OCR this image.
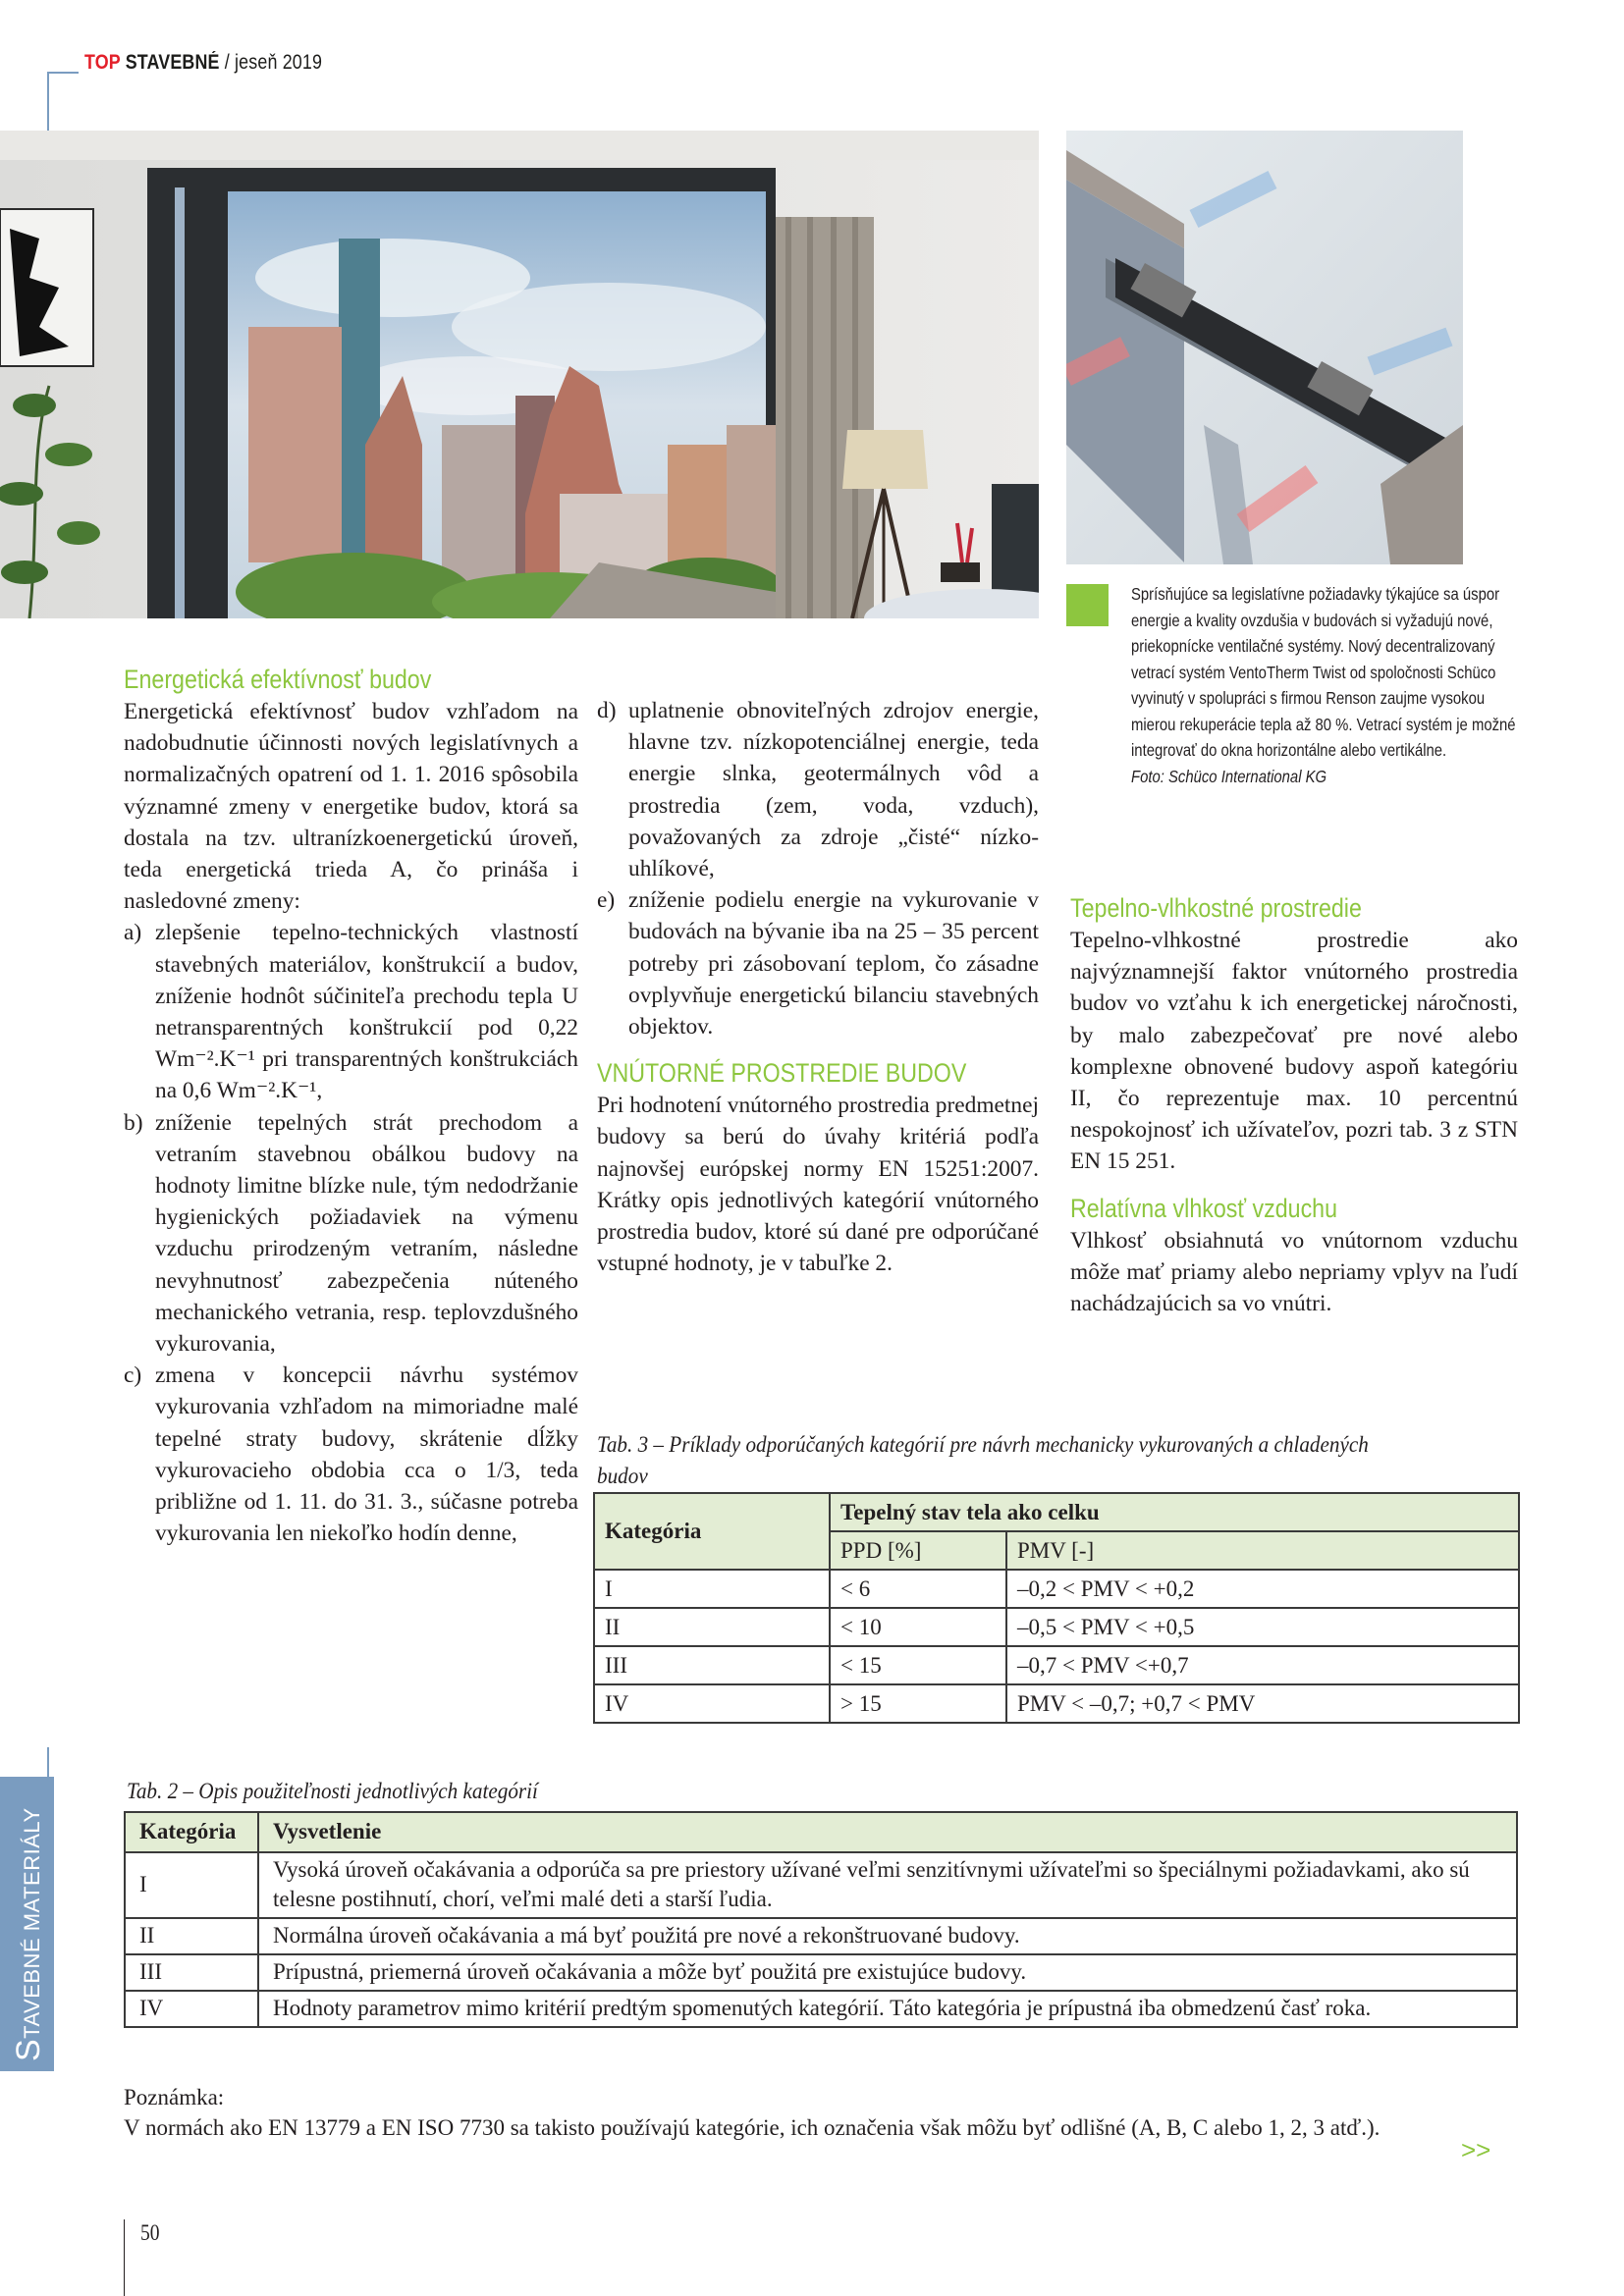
TOP STAVEBNÉ / jeseň 2019
Sprísňujúce sa legislatívne požiadavky týkajúce sa úspor energie a kvality ovzdušia v budovách si vyžadujú nové, priekopnícke ventilačné systémy. Nový decentralizovaný vetrací systém VentoTherm Twist od spoločnosti Schüco vyvinutý v spolupráci s firmou Renson zaujme vysokou mierou rekuperácie tepla až 80 %. Vetrací systém je možné integrovať do okna horizontálne alebo vertikálne.
Foto: Schüco International KG
Energetická efektívnosť budov

Energetická efektívnosť budov vzhľadom na nadobudnutie účinnosti nových legislatívnych a normalizačných opatrení od 1. 1. 2016 spôsobila významné zmeny v energetike budov, ktorá sa dostala na tzv. ultranízkoenergetickú úroveň, teda energetická trieda A, čo prináša i nasledovné zmeny:

a) zlepšenie tepelno-technických vlastností stavebných materiálov, konštrukcií a budov, zníženie hodnôt súčiniteľa prechodu tepla U netransparentných konštrukcií pod 0,22 Wm⁻².K⁻¹ pri transparentných konštrukciách na 0,6 Wm⁻².K⁻¹,
b) zníženie tepelných strát prechodom a vetraním stavebnou obálkou budovy na hodnoty limitne blízke nule, tým nedodržanie hygienických požiadaviek na výmenu vzduchu prirodzeným vetraním, následne nevyhnutnosť zabezpečenia núteného mechanického vetrania, resp. teplovzdušného vykurovania,
c) zmena v koncepcii návrhu systémov vykurovania vzhľadom na mimoriadne malé tepelné straty budovy, skrátenie dĺžky vykurovacieho obdobia cca o 1/3, teda približne od 1. 11. do 31. 3., súčasne potreba vykurovania len niekoľko hodín denne,
d) uplatnenie obnoviteľných zdrojov energie, hlavne tzv. nízkopotenciálnej energie, teda energie slnka, geotermálnych vôd a prostredia (zem, voda, vzduch), považovaných za zdroje „čisté“ nízko-uhlíkové,
e) zníženie podielu energie na vykurovanie v budovách na bývanie iba na 25 – 35 percent potreby pri zásobovaní teplom, čo zásadne ovplyvňuje energetickú bilanciu stavebných objektov.
VNÚTORNÉ PROSTREDIE BUDOV

Pri hodnotení vnútorného prostredia predmetnej budovy sa berú do úvahy kritériá podľa najnovšej európskej normy EN 15251:2007. Krátky opis jednotlivých kategórií vnútorného prostredia budov, ktoré sú dané pre odporúčané vstupné hodnoty, je v tabuľke 2.

Tepelno-vlhkostné prostredie

Tepelno-vlhkostné prostredie ako najvýznamnejší faktor vnútorného prostredia budov vo vzťahu k ich energetickej náročnosti, by malo zabezpečovať pre nové alebo komplexne obnovené budovy aspoň kategóriu II, čo reprezentuje max. 10 percentnú nespokojnosť ich užívateľov, pozri tab. 3 z STN EN 15 251.

Relatívna vlhkosť vzduchu

Vlhkosť obsiahnutá vo vnútornom vzduchu môže mať priamy alebo nepriamy vplyv na ľudí nachádzajúcich sa vo vnútri.

Tab. 3 – Príklady odporúčaných kategórií pre návrh mechanicky vykurovaných a chladených budov
Kategória	Tepelný stav tela ako celku	
	PPD [%]	PMV [-]
I	< 6	–0,2 < PMV < +0,2
II	< 10	–0,5 < PMV < +0,5
III	< 15	–0,7 < PMV <+0,7
IV	> 15	PMV < –0,7; +0,7 < PMV
Tab. 2 – Opis použiteľnosti jednotlivých kategórií
Kategória	Vysvetlenie
I	Vysoká úroveň očakávania a odporúča sa pre priestory užívané veľmi senzitívnymi užívateľmi so špeciálnymi požiadavkami, ako sú telesne postihnutí, chorí, veľmi malé deti a starší ľudia.
II	Normálna úroveň očakávania a má byť použitá pre nové a rekonštruované budovy.
III	Prípustná, priemerná úroveň očakávania a môže byť použitá pre existujúce budovy.
IV	Hodnoty parametrov mimo kritérií predtým spomenutých kategórií. Táto kategória je prípustná iba obmedzenú časť roka.
Poznámka:
V normách ako EN 13779 a EN ISO 7730 sa takisto používajú kategórie, ich označenia však môžu byť odlišné (A, B, C alebo 1, 2, 3 atď.).
>>
STAVEBNÉ MATERIÁLY
50
